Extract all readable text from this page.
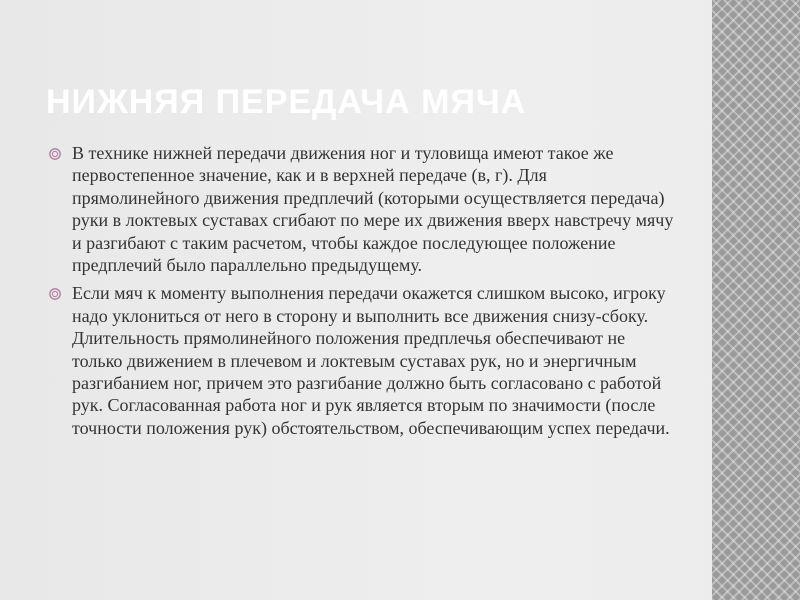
НИЖНЯЯ ПЕРЕДАЧА МЯЧА
В технике нижней передачи движения ног и туловища имеют такое же первостепенное значение, как и в верхней передаче (в, г). Для прямолинейного движения предплечий (которыми осуществляется передача) руки в локтевых суставах сгибают по мере их движения вверх навстречу мячу и разгибают с таким расчетом, чтобы каждое последующее положение предплечий было параллельно предыдущему.
Если мяч к моменту выполнения передачи окажется слишком высоко, игроку надо уклониться от него в сторону и выполнить все движения снизу-сбоку. Длительность прямолинейного положения предплечья обеспечивают не только движением в плечевом и локтевым суставах рук, но и энергичным разгибанием ног, причем это разгибание должно быть согласовано с работой рук. Согласованная работа ног и рук является вторым по значимости (после точности положения рук) обстоятельством, обеспечивающим успех передачи.
